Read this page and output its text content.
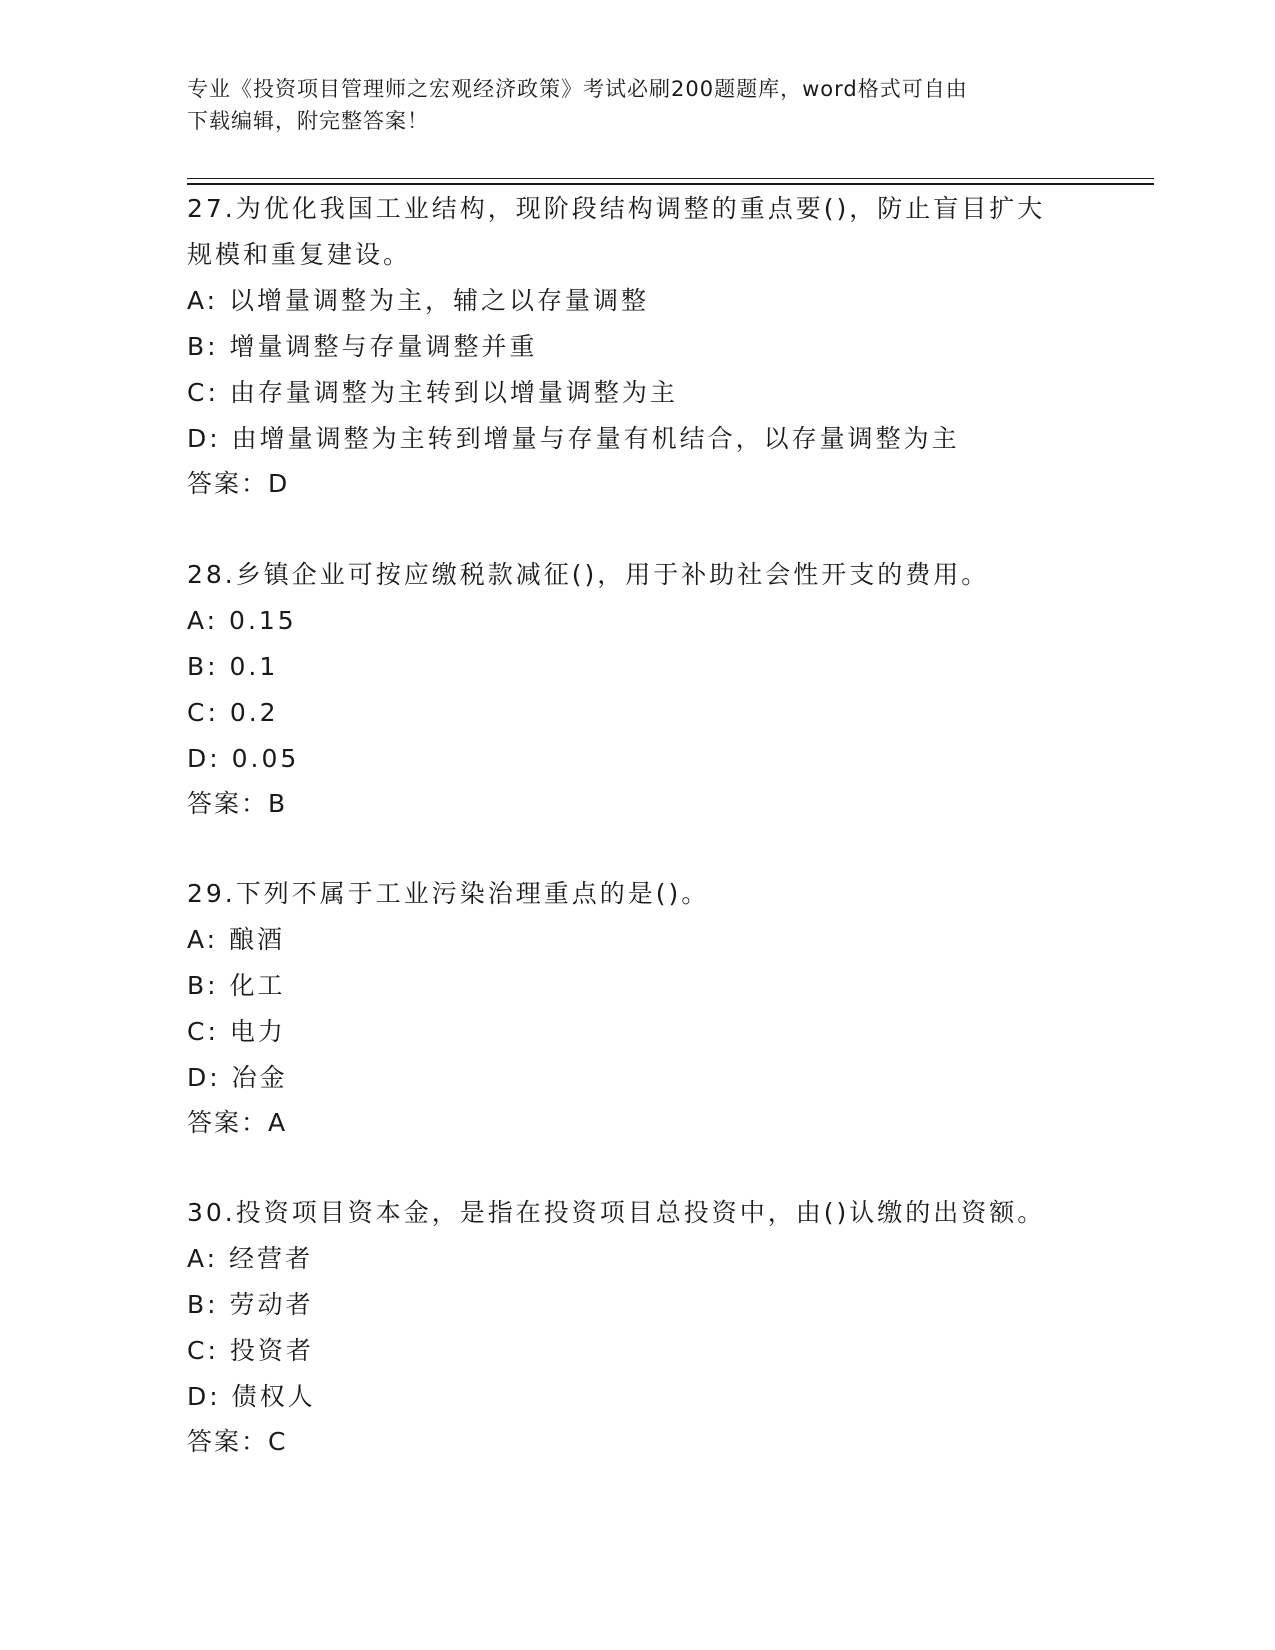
专业《投资项目管理师之宏观经济政策》考试必刷200题题库，word格式可自由
下载编辑，附完整答案！
27.为优化我国工业结构，现阶段结构调整的重点要()，防止盲目扩大
规模和重复建设。
A: 以增量调整为主，辅之以存量调整
B: 增量调整与存量调整并重
C: 由存量调整为主转到以增量调整为主
D: 由增量调整为主转到增量与存量有机结合，以存量调整为主
答案：D
28.乡镇企业可按应缴税款减征()，用于补助社会性开支的费用。
A: 0.15
B: 0.1
C: 0.2
D: 0.05
答案：B
29.下列不属于工业污染治理重点的是()。
A: 酿酒
B: 化工
C: 电力
D: 冶金
答案：A
30.投资项目资本金，是指在投资项目总投资中，由()认缴的出资额。
A: 经营者
B: 劳动者
C: 投资者
D: 债权人
答案：C
